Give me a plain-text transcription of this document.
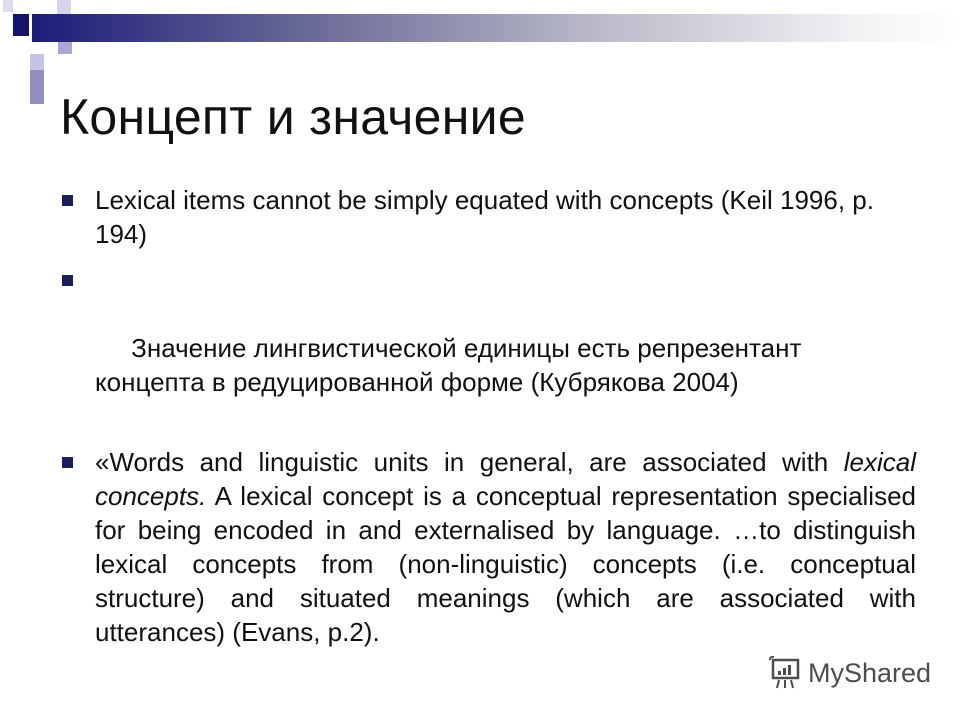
Концепт и значение
Lexical items cannot be simply equated with concepts (Keil 1996, p. 194)

Значение лингвистической единицы есть репрезентант концепта в редуцированной форме (Кубрякова 2004)

«Words and linguistic units in general, are associated with lexical concepts. A lexical concept is a conceptual representation specialised for being encoded in and externalised by language. …to distinguish lexical concepts from (non-linguistic) concepts (i.e. conceptual structure) and situated meanings (which are associated with utterances) (Evans, p.2).
MyShared
